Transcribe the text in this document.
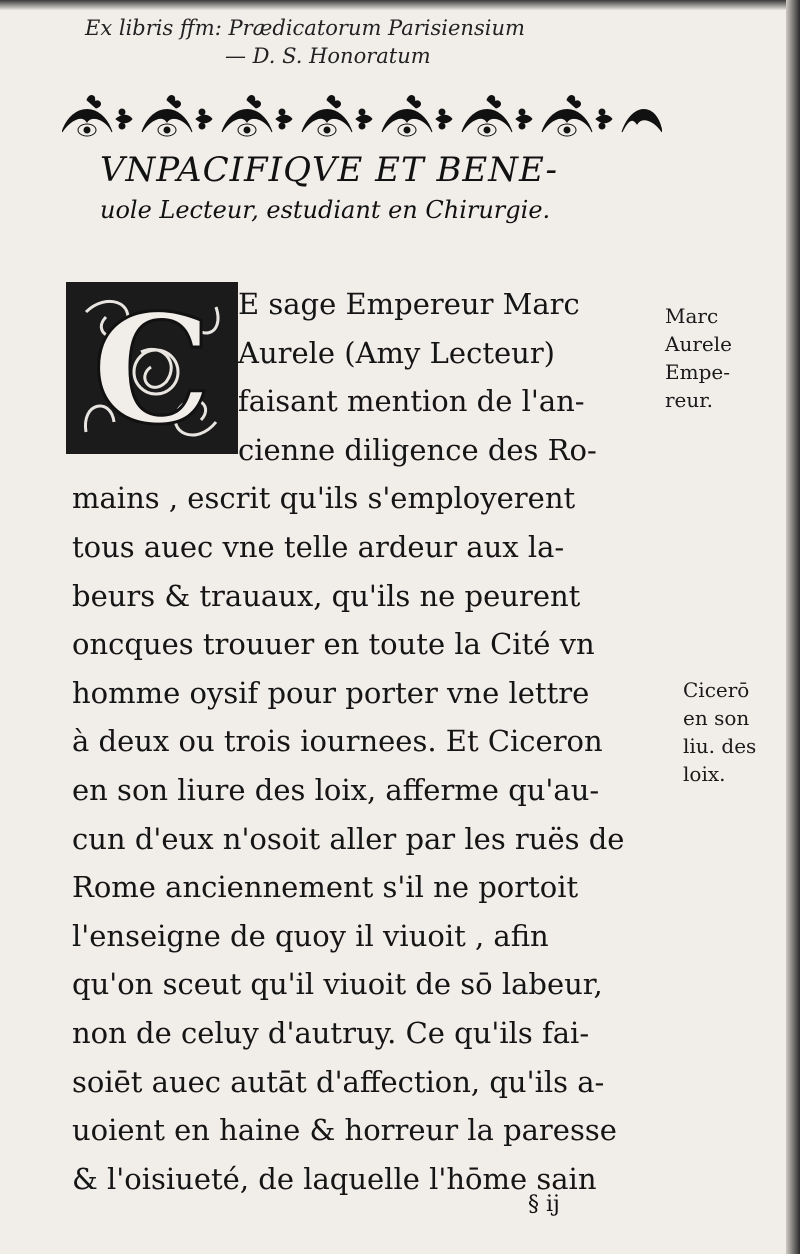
Ex libris ffm: Prædicatorum Parisiensium
— D. S. Honoratum
VNPACIFIQVE ET BENE-
uole Lecteur, estudiant en Chirurgie.
C E sage Empereur Marc
Aurele (Amy Lecteur)
faisant mention de l'an-
cienne diligence des Ro-
mains , escrit qu'ils s'employerent
tous auec vne telle ardeur aux la-
beurs & trauaux, qu'ils ne peurent
oncques trouuer en toute la Cité vn
homme oysif pour porter vne lettre
à deux ou trois iournees. Et Ciceron
en son liure des loix, afferme qu'au-
cun d'eux n'osoit aller par les ruës de
Rome anciennement s'il ne portoit
l'enseigne de quoy il viuoit , afin
qu'on sceut qu'il viuoit de sō labeur,
non de celuy d'autruy. Ce qu'ils fai-
soiēt auec autāt d'affection, qu'ils a-
uoient en haine & horreur la paresse
& l'oisiueté, de laquelle l'hōme sain
Marc
Aurele
Empe-
reur.
Cicerō
en son
liu. des
loix.
§ ij
